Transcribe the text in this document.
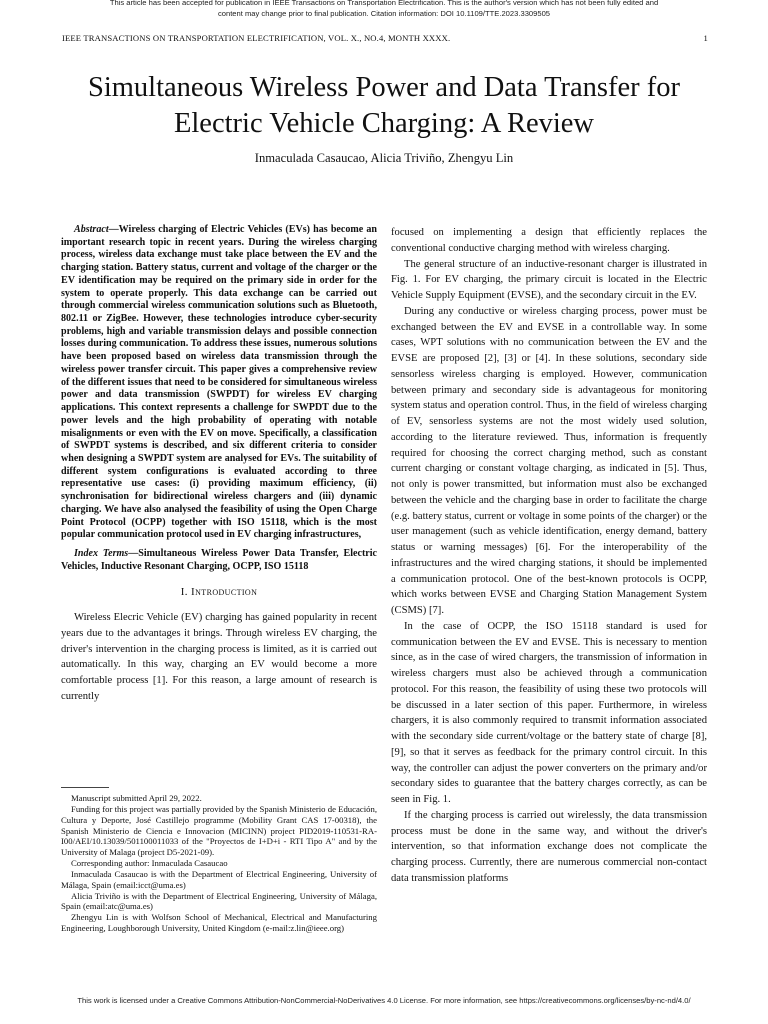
This article has been accepted for publication in IEEE Transactions on Transportation Electrification. This is the author's version which has not been fully edited and
content may change prior to final publication. Citation information: DOI 10.1109/TTE.2023.3309505
IEEE TRANSACTIONS ON TRANSPORTATION ELECTRIFICATION, VOL. X., NO.4, MONTH XXXX.	1
Simultaneous Wireless Power and Data Transfer for
Electric Vehicle Charging: A Review
Inmaculada Casaucao, Alicia Triviño, Zhengyu Lin

Abstract—Wireless charging of Electric Vehicles (EVs) has become an important research topic in recent years. During the wireless charging process, wireless data exchange must take place between the EV and the charging station. Battery status, current and voltage of the charger or the EV identification may be required on the primary side in order for the system to operate properly. This data exchange can be carried out through commercial wireless communication solutions such as Bluetooth, 802.11 or ZigBee. However, these technologies introduce cyber-security problems, high and variable transmission delays and possible connection losses during communication. To address these issues, numerous solutions have been proposed based on wireless data transmission through the wireless power transfer circuit. This paper gives a comprehensive review of the different issues that need to be considered for simultaneous wireless power and data transmission (SWPDT) for wireless EV charging applications. This context represents a challenge for SWPDT due to the power levels and the high probability of operating with notable misalignments or even with the EV on move. Specifically, a classification of SWPDT systems is described, and six different criteria to consider when designing a SWPDT system are analysed for EVs. The suitability of different system configurations is evaluated according to three representative use cases: (i) providing maximum efficiency, (ii) synchronisation for bidirectional wireless chargers and (iii) dynamic charging. We have also analysed the feasibility of using the Open Charge Point Protocol (OCPP) together with ISO 15118, which is the most popular communication protocol used in EV charging infrastructures,

Index Terms—Simultaneous Wireless Power Data Transfer, Electric Vehicles, Inductive Resonant Charging, OCPP, ISO 15118

I. Introduction

Wireless Elecric Vehicle (EV) charging has gained popularity in recent years due to the advantages it brings. Through wireless EV charging, the driver's intervention in the charging process is limited, as it is carried out automatically. In this way, charging an EV would become a more comfortable process [1]. For this reason, a large amount of research is currently

Manuscript submitted April 29, 2022.

Funding for this project was partially provided by the Spanish Ministerio de Educación, Cultura y Deporte, José Castillejo programme (Mobility Grant CAS 17-00318), the Spanish Ministerio de Ciencia e Innovacion (MICINN) project PID2019-110531-RA-I00/AEI/10.13039/501100011033 of the "Proyectos de I+D+i - RTI Tipo A" and by the University of Malaga (project D5-2021-09).

Corresponding author: Inmaculada Casaucao

Inmaculada Casaucao is with the Department of Electrical Engineering, University of Málaga, Spain (email:icct@uma.es)

Alicia Triviño is with the Department of Electrical Engineering, University of Málaga, Spain (email:atc@uma.es)

Zhengyu Lin is with Wolfson School of Mechanical, Electrical and Manufacturing Engineering, Loughborough University, United Kingdom (e-mail:z.lin@ieee.org)

focused on implementing a design that efficiently replaces the conventional conductive charging method with wireless charging.

The general structure of an inductive-resonant charger is illustrated in Fig. 1. For EV charging, the primary circuit is located in the Electric Vehicle Supply Equipment (EVSE), and the secondary circuit in the EV.

During any conductive or wireless charging process, power must be exchanged between the EV and EVSE in a controllable way. In some cases, WPT solutions with no communication between the EV and the EVSE are proposed [2], [3] or [4]. In these solutions, secondary side sensorless wireless charging is employed. However, communication between primary and secondary side is advantageous for monitoring system status and operation control. Thus, in the field of wireless charging of EV, sensorless systems are not the most widely used solution, according to the literature reviewed. Thus, information is frequently required for choosing the correct charging method, such as constant current charging or constant voltage charging, as indicated in [5]. Thus, not only is power transmitted, but information must also be exchanged between the vehicle and the charging base in order to facilitate the charge (e.g. battery status, current or voltage in some points of the charger) or the user management (such as vehicle identification, energy demand, battery status or warning messages) [6]. For the interoperability of the infrastructures and the wired charging stations, it should be implemented a communication protocol. One of the best-known protocols is OCPP, which works between EVSE and Charging Station Management System (CSMS) [7].

In the case of OCPP, the ISO 15118 standard is used for communication between the EV and EVSE. This is necessary to mention since, as in the case of wired chargers, the transmission of information in wireless chargers must also be achieved through a communication protocol. For this reason, the feasibility of using these two protocols will be discussed in a later section of this paper. Furthermore, in wireless chargers, it is also commonly required to transmit information associated with the secondary side current/voltage or the battery state of charge [8], [9], so that it serves as feedback for the primary control circuit. In this way, the controller can adjust the power converters on the primary and/or secondary sides to guarantee that the battery charges correctly, as can be seen in Fig. 1.

If the charging process is carried out wirelessly, the data transmission process must be done in the same way, and without the driver's intervention, so that information exchange does not complicate the charging process. Currently, there are numerous commercial non-contact data transmission platforms

This work is licensed under a Creative Commons Attribution-NonCommercial-NoDerivatives 4.0 License. For more information, see https://creativecommons.org/licenses/by-nc-nd/4.0/
